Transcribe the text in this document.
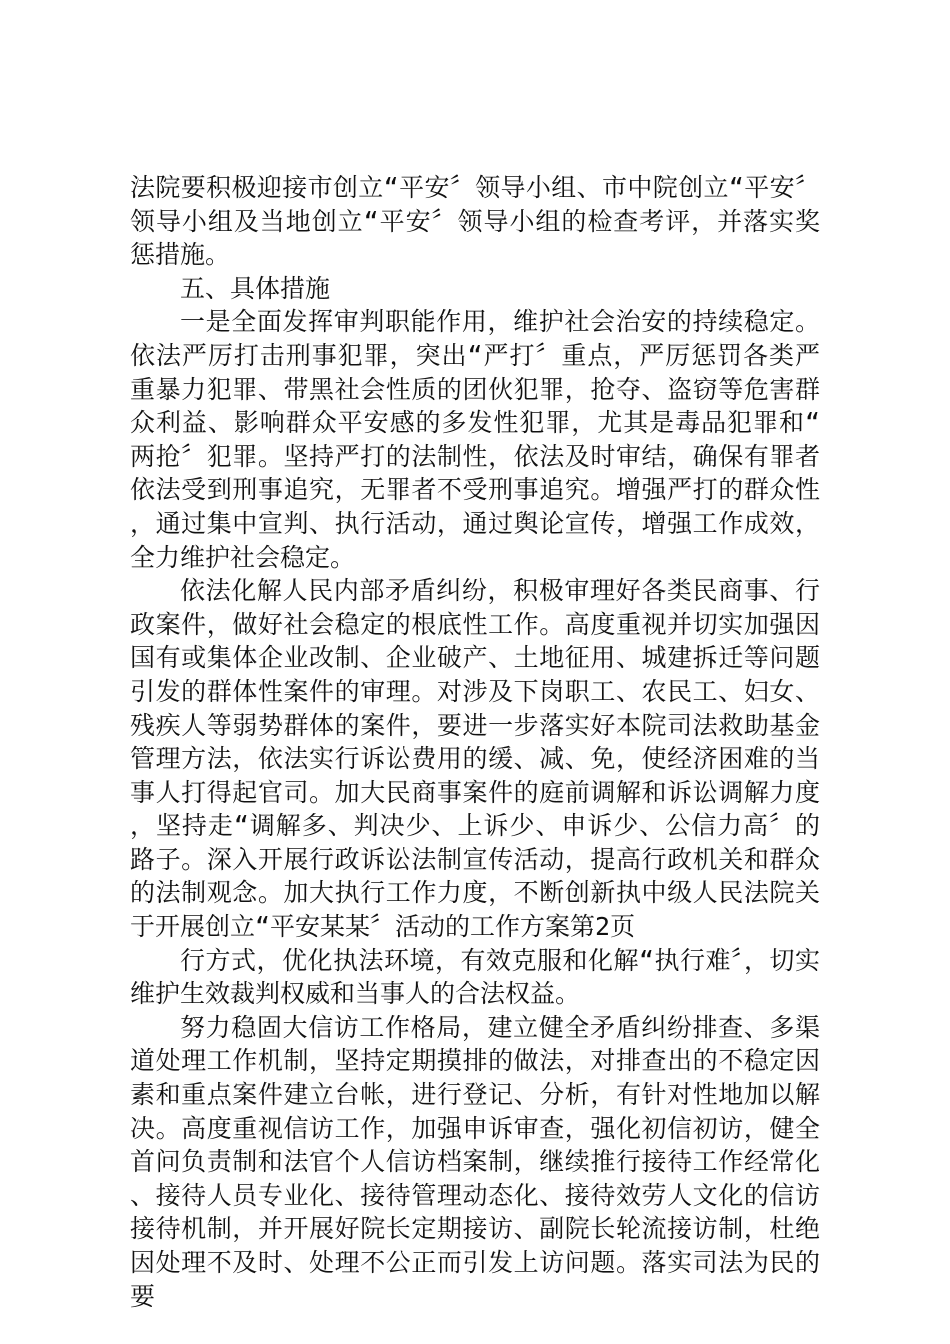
法院要积极迎接市创立“平安〞领导小组、市中院创立“平安〞领导小组及当地创立“平安〞领导小组的检查考评，并落实奖惩措施。

五、具体措施

一是全面发挥审判职能作用，维护社会治安的持续稳定。依法严厉打击刑事犯罪，突出“严打〞重点，严厉惩罚各类严重暴力犯罪、带黑社会性质的团伙犯罪，抢夺、盗窃等危害群众利益、影响群众平安感的多发性犯罪，尤其是毒品犯罪和“两抢〞犯罪。坚持严打的法制性，依法及时审结，确保有罪者依法受到刑事追究，无罪者不受刑事追究。增强严打的群众性，通过集中宣判、执行活动，通过舆论宣传，增强工作成效，全力维护社会稳定。

依法化解人民内部矛盾纠纷，积极审理好各类民商事、行政案件，做好社会稳定的根底性工作。高度重视并切实加强因国有或集体企业改制、企业破产、土地征用、城建拆迁等问题引发的群体性案件的审理。对涉及下岗职工、农民工、妇女、残疾人等弱势群体的案件，要进一步落实好本院司法救助基金管理方法，依法实行诉讼费用的缓、减、免，使经济困难的当事人打得起官司。加大民商事案件的庭前调解和诉讼调解力度，坚持走“调解多、判决少、上诉少、申诉少、公信力高〞的路子。深入开展行政诉讼法制宣传活动，提高行政机关和群众的法制观念。加大执行工作力度，不断创新执中级人民法院关于开展创立“平安某某〞活动的工作方案第2页

行方式，优化执法环境，有效克服和化解“执行难〞，切实维护生效裁判权威和当事人的合法权益。

努力稳固大信访工作格局，建立健全矛盾纠纷排查、多渠道处理工作机制，坚持定期摸排的做法，对排查出的不稳定因素和重点案件建立台帐，进行登记、分析，有针对性地加以解决。高度重视信访工作，加强申诉审查，强化初信初访，健全首问负责制和法官个人信访档案制，继续推行接待工作经常化、接待人员专业化、接待管理动态化、接待效劳人文化的信访接待机制，并开展好院长定期接访、副院长轮流接访制，杜绝因处理不及时、处理不公正而引发上访问题。落实司法为民的要
